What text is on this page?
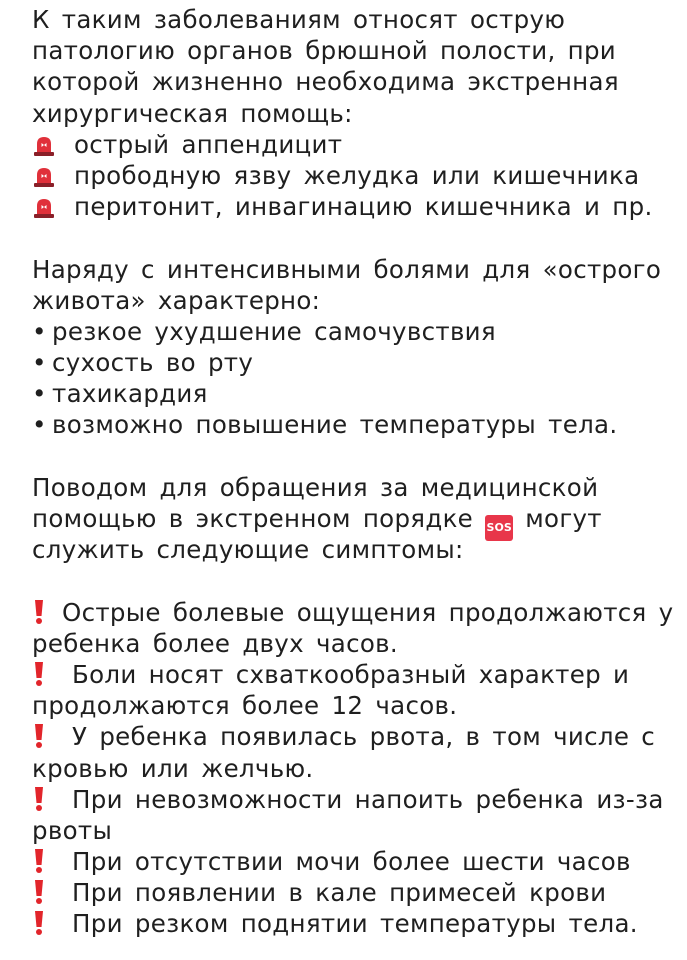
К таким заболеваниям относят острую
патологию органов брюшной полости, при
которой жизненно необходима экстренная
хирургическая помощь:
острый аппендицит
прободную язву желудка или кишечника
перитонит, инвагинацию кишечника и пр.
Наряду с интенсивными болями для «острого
живота» характерно:
• резкое ухудшение самочувствия
• сухость во рту
• тахикардия
• возможно повышение температуры тела.
Поводом для обращения за медицинской
помощью в экстренном порядке SOS могут
служить следующие симптомы:
Острые болевые ощущения продолжаются у
ребенка более двух часов.
Боли носят схваткообразный характер и
продолжаются более 12 часов.
У ребенка появилась рвота, в том числе с
кровью или желчью.
При невозможности напоить ребенка из-за
рвоты
При отсутствии мочи более шести часов
При появлении в кале примесей крови
При резком поднятии температуры тела.
